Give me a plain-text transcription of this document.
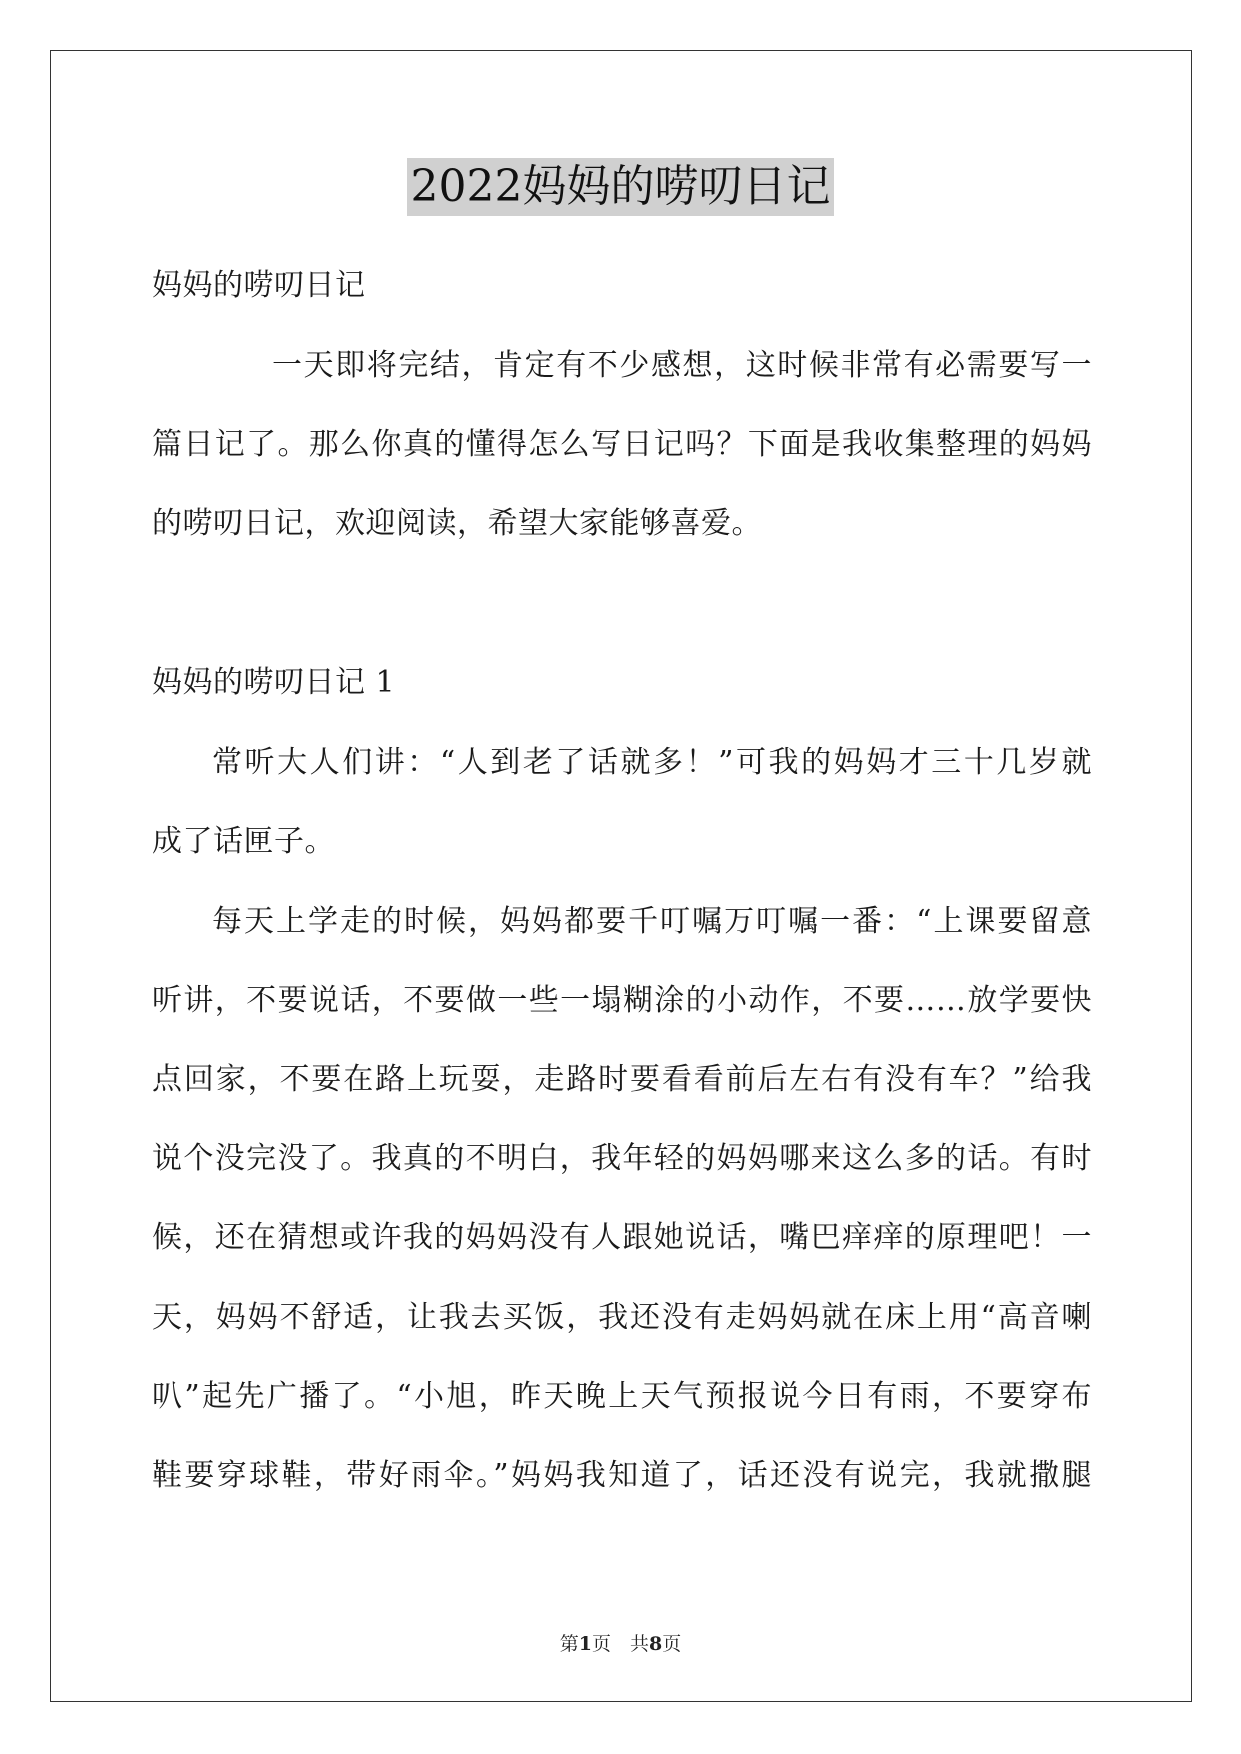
2022妈妈的唠叨日记
妈妈的唠叨日记
一天即将完结，肯定有不少感想，这时候非常有必需要写一
篇日记了。那么你真的懂得怎么写日记吗？下面是我收集整理的妈妈
的唠叨日记，欢迎阅读，希望大家能够喜爱。
妈妈的唠叨日记 1
常听大人们讲：“人到老了话就多！”可我的妈妈才三十几岁就
成了话匣子。
每天上学走的时候，妈妈都要千叮嘱万叮嘱一番：“上课要留意
听讲，不要说话，不要做一些一塌糊涂的小动作，不要……放学要快
点回家，不要在路上玩耍，走路时要看看前后左右有没有车？”给我
说个没完没了。我真的不明白，我年轻的妈妈哪来这么多的话。有时
候，还在猜想或许我的妈妈没有人跟她说话，嘴巴痒痒的原理吧！一
天，妈妈不舒适，让我去买饭，我还没有走妈妈就在床上用“高音喇
叭”起先广播了。“小旭，昨天晚上天气预报说今日有雨，不要穿布
鞋要穿球鞋，带好雨伞。”妈妈我知道了，话还没有说完，我就撒腿
第1页　共8页
